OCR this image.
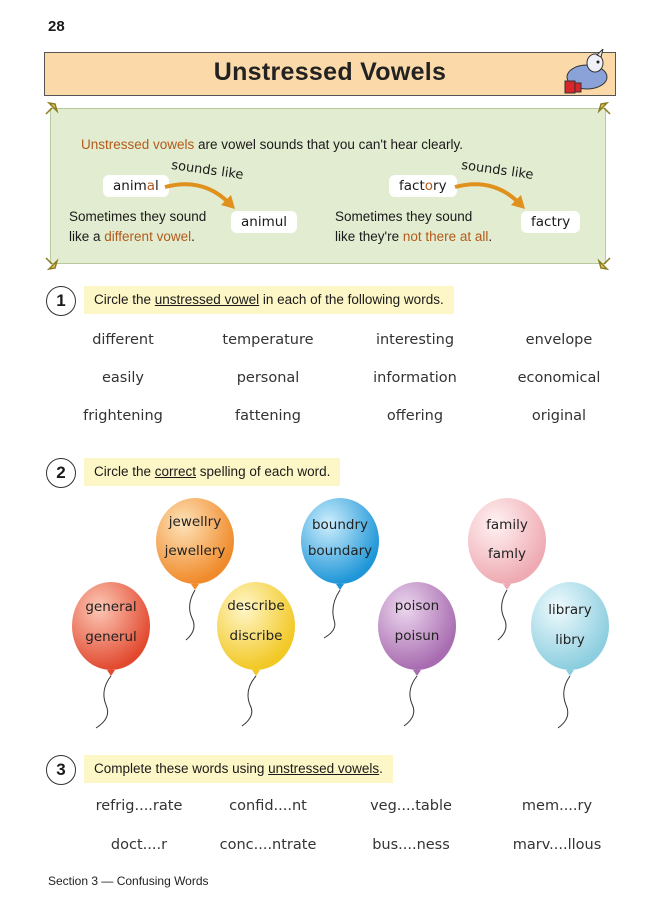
28
Unstressed Vowels
Unstressed vowels are vowel sounds that you can't hear clearly.
animal
sounds like
animul
Sometimes they sound
like a different vowel.
factory
sounds like
factry
Sometimes they sound
like they're not there at all.
1	Circle the unstressed vowel in each of the following words.
different	temperature	interesting	envelope
easily	personal	information	economical
frightening	fattening	offering	original
2	Circle the correct spelling of each word.
jewellry
jewellery
boundry
boundary
family
famly
general
generul
describe
discribe
poison
poisun
library
libry
3	Complete these words using unstressed vowels.
refrig....rate	confid....nt	veg....table	mem....ry
doct....r	conc....ntrate	bus....ness	marv....llous
Section 3 — Confusing Words
